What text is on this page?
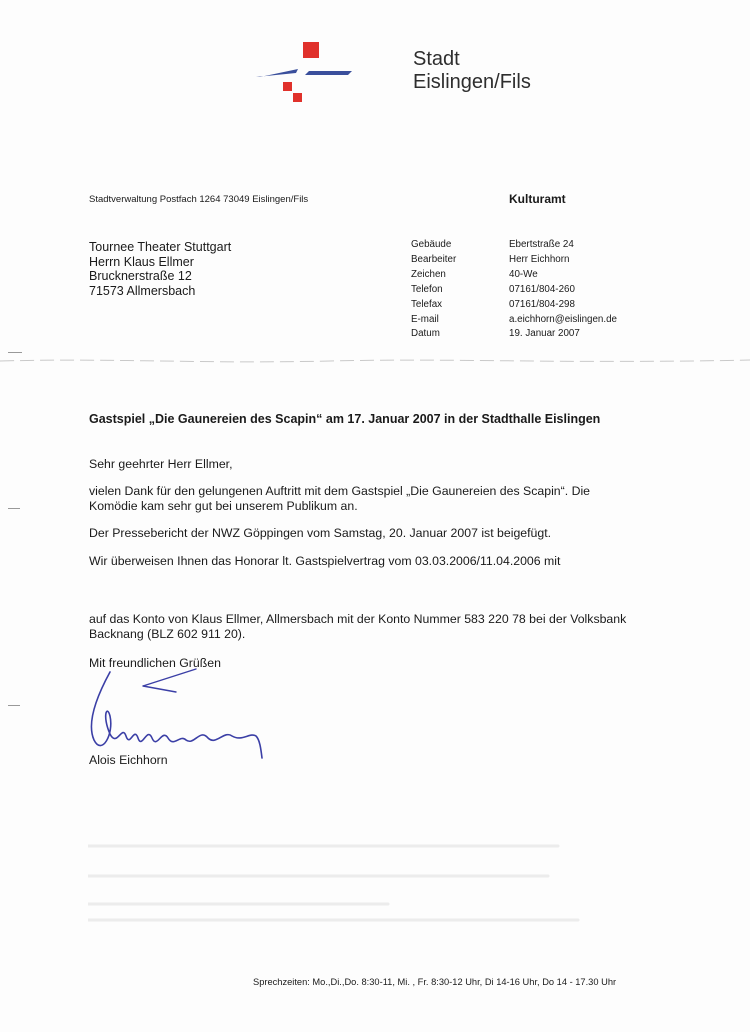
Stadt
Eislingen/Fils
Stadtverwaltung Postfach 1264 73049 Eislingen/Fils	Kulturamt
Tournee Theater Stuttgart
Herrn Klaus Ellmer
Brucknerstraße 12
71573 Allmersbach
Gebäude	Ebertstraße 24
Bearbeiter	Herr Eichhorn
Zeichen	40-We
Telefon	07161/804-260
Telefax	07161/804-298
E-mail	a.eichhorn@eislingen.de
Datum	19. Januar 2007
Gastspiel „Die Gaunereien des Scapin“ am 17. Januar 2007 in der Stadthalle Eislingen
Sehr geehrter Herr Ellmer,
vielen Dank für den gelungenen Auftritt mit dem Gastspiel „Die Gaunereien des Scapin“. Die
Komödie kam sehr gut bei unserem Publikum an.
Der Pressebericht der NWZ Göppingen vom Samstag, 20. Januar 2007 ist beigefügt.
Wir überweisen Ihnen das Honorar lt. Gastspielvertrag vom 03.03.2006/11.04.2006 mit
auf das Konto von Klaus Ellmer, Allmersbach mit der Konto Nummer 583 220 78 bei der Volksbank
Backnang (BLZ 602 911 20).
Mit freundlichen Grüßen
Alois Eichhorn
Sprechzeiten: Mo.,Di.,Do. 8:30-11, Mi. , Fr. 8:30-12 Uhr, Di 14-16 Uhr, Do 14 - 17.30 Uhr
